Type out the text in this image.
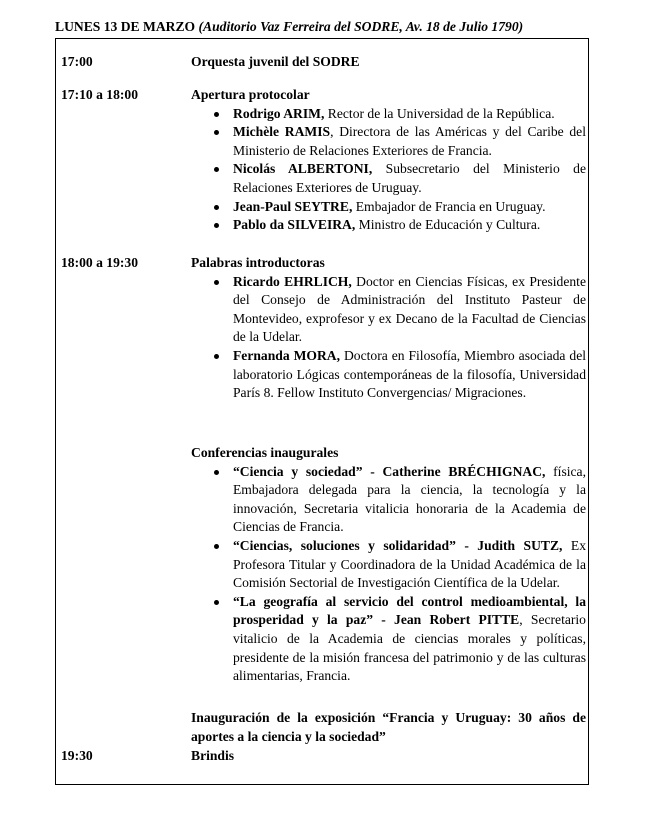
LUNES 13 DE MARZO (Auditorio Vaz Ferreira del SODRE, Av. 18 de Julio 1790)
17:00	Orquesta juvenil del SODRE
17:10 a 18:00	Apertura protocolar
Rodrigo ARIM, Rector de la Universidad de la República.
Michèle RAMIS, Directora de las Américas y del Caribe del Ministerio de Relaciones Exteriores de Francia.
Nicolás ALBERTONI, Subsecretario del Ministerio de Relaciones Exteriores de Uruguay.
Jean-Paul SEYTRE, Embajador de Francia en Uruguay.
Pablo da SILVEIRA, Ministro de Educación y Cultura.
18:00 a 19:30	Palabras introductoras
Ricardo EHRLICH, Doctor en Ciencias Físicas, ex Presidente del Consejo de Administración del Instituto Pasteur de Montevideo, exprofesor y ex Decano de la Facultad de Ciencias de la Udelar.
Fernanda MORA, Doctora en Filosofía, Miembro asociada del laboratorio Lógicas contemporáneas de la filosofía, Universidad París 8. Fellow Instituto Convergencias/ Migraciones.
Conferencias inaugurales
“Ciencia y sociedad” - Catherine BRÉCHIGNAC, física, Embajadora delegada para la ciencia, la tecnología y la innovación, Secretaria vitalicia honoraria de la Academia de Ciencias de Francia.
“Ciencias, soluciones y solidaridad” - Judith SUTZ, Ex Profesora Titular y Coordinadora de la Unidad Académica de la Comisión Sectorial de Investigación Científica de la Udelar.
“La geografía al servicio del control medioambiental, la prosperidad y la paz” - Jean Robert PITTE, Secretario vitalicio de la Academia de ciencias morales y políticas, presidente de la misión francesa del patrimonio y de las culturas alimentarias, Francia.
Inauguración de la exposición “Francia y Uruguay: 30 años de aportes a la ciencia y la sociedad”
19:30	Brindis
